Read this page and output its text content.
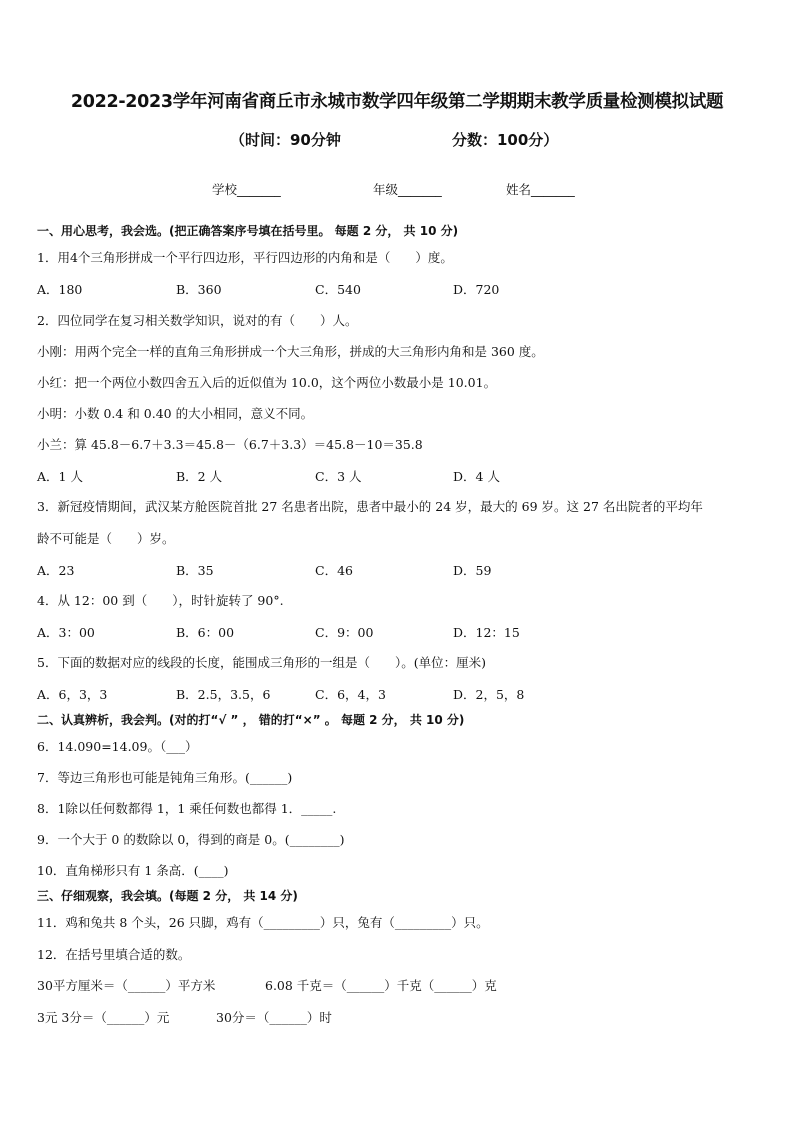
2022-2023学年河南省商丘市永城市数学四年级第二学期期末教学质量检测模拟试题
（时间：90分钟	分数：100分）
学校_______	年级_______	姓名_______
一、用心思考，我会选。(把正确答案序号填在括号里。 每题 2 分， 共 10 分)
1．用4个三角形拼成一个平行四边形，平行四边形的内角和是（　　）度。
A．180	B．360	C．540	D．720
2．四位同学在复习相关数学知识，说对的有（　　）人。
小刚：用两个完全一样的直角三角形拼成一个大三角形，拼成的大三角形内角和是 360 度。
小红：把一个两位小数四舍五入后的近似值为 10.0，这个两位小数最小是 10.01。
小明：小数 0.4 和 0.40 的大小相同，意义不同。
小兰：算 45.8－6.7＋3.3＝45.8－（6.7＋3.3）＝45.8－10＝35.8
A．1 人	B．2 人	C．3 人	D．4 人
3．新冠疫情期间，武汉某方舱医院首批 27 名患者出院，患者中最小的 24 岁，最大的 69 岁。这 27 名出院者的平均年
龄不可能是（　　）岁。
A．23	B．35	C．46	D．59
4．从 12：00 到（　　），时针旋转了 90°.
A．3：00	B．6：00	C．9：00	D．12：15
5．下面的数据对应的线段的长度，能围成三角形的一组是（　　）。(单位：厘米)
A．6，3，3	B．2.5，3.5，6	C．6，4，3	D．2，5，8
二、认真辨析，我会判。(对的打“√ ” ， 错的打“×” 。 每题 2 分， 共 10 分)
6．14.090=14.09。（___）
7．等边三角形也可能是钝角三角形。(______)
8．1除以任何数都得 1，1 乘任何数也都得 1．_____.
9．一个大于 0 的数除以 0，得到的商是 0。(________)
10．直角梯形只有 1 条高．(____)
三、仔细观察，我会填。(每题 2 分， 共 14 分)
11．鸡和兔共 8 个头，26 只脚，鸡有（_________）只，兔有（_________）只。
12．在括号里填合适的数。
30平方厘米＝（______）平方米	6.08 千克＝（______）千克（______）克
3元 3分＝（______）元	30分＝（______）时
